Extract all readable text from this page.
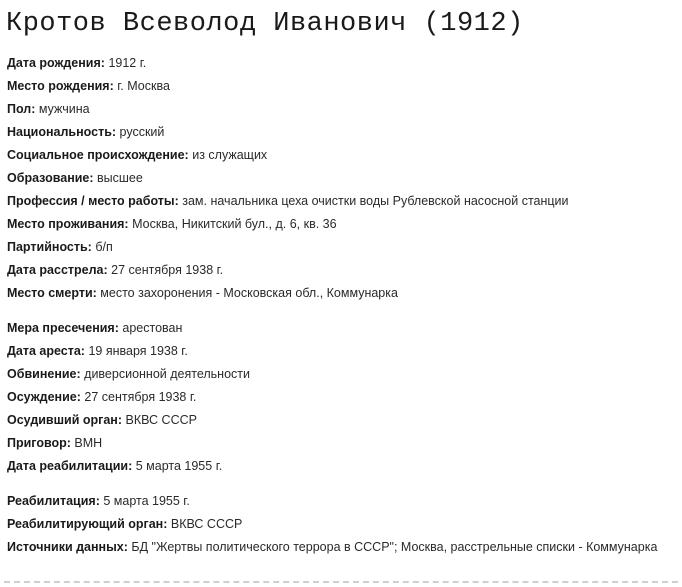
Кротов Всеволод Иванович (1912)
Дата рождения: 1912 г.
Место рождения: г. Москва
Пол: мужчина
Национальность: русский
Социальное происхождение: из служащих
Образование: высшее
Профессия / место работы: зам. начальника цеха очистки воды Рублевской насосной станции
Место проживания: Москва, Никитский бул., д. 6, кв. 36
Партийность: б/п
Дата расстрела: 27 сентября 1938 г.
Место смерти: место захоронения - Московская обл., Коммунарка
Мера пресечения: арестован
Дата ареста: 19 января 1938 г.
Обвинение: диверсионной деятельности
Осуждение: 27 сентября 1938 г.
Осудивший орган: ВКВС СССР
Приговор: ВМН
Дата реабилитации: 5 марта 1955 г.
Реабилитация: 5 марта 1955 г.
Реабилитирующий орган: ВКВС СССР
Источники данных: БД "Жертвы политического террора в СССР"; Москва, расстрельные списки - Коммунарка
